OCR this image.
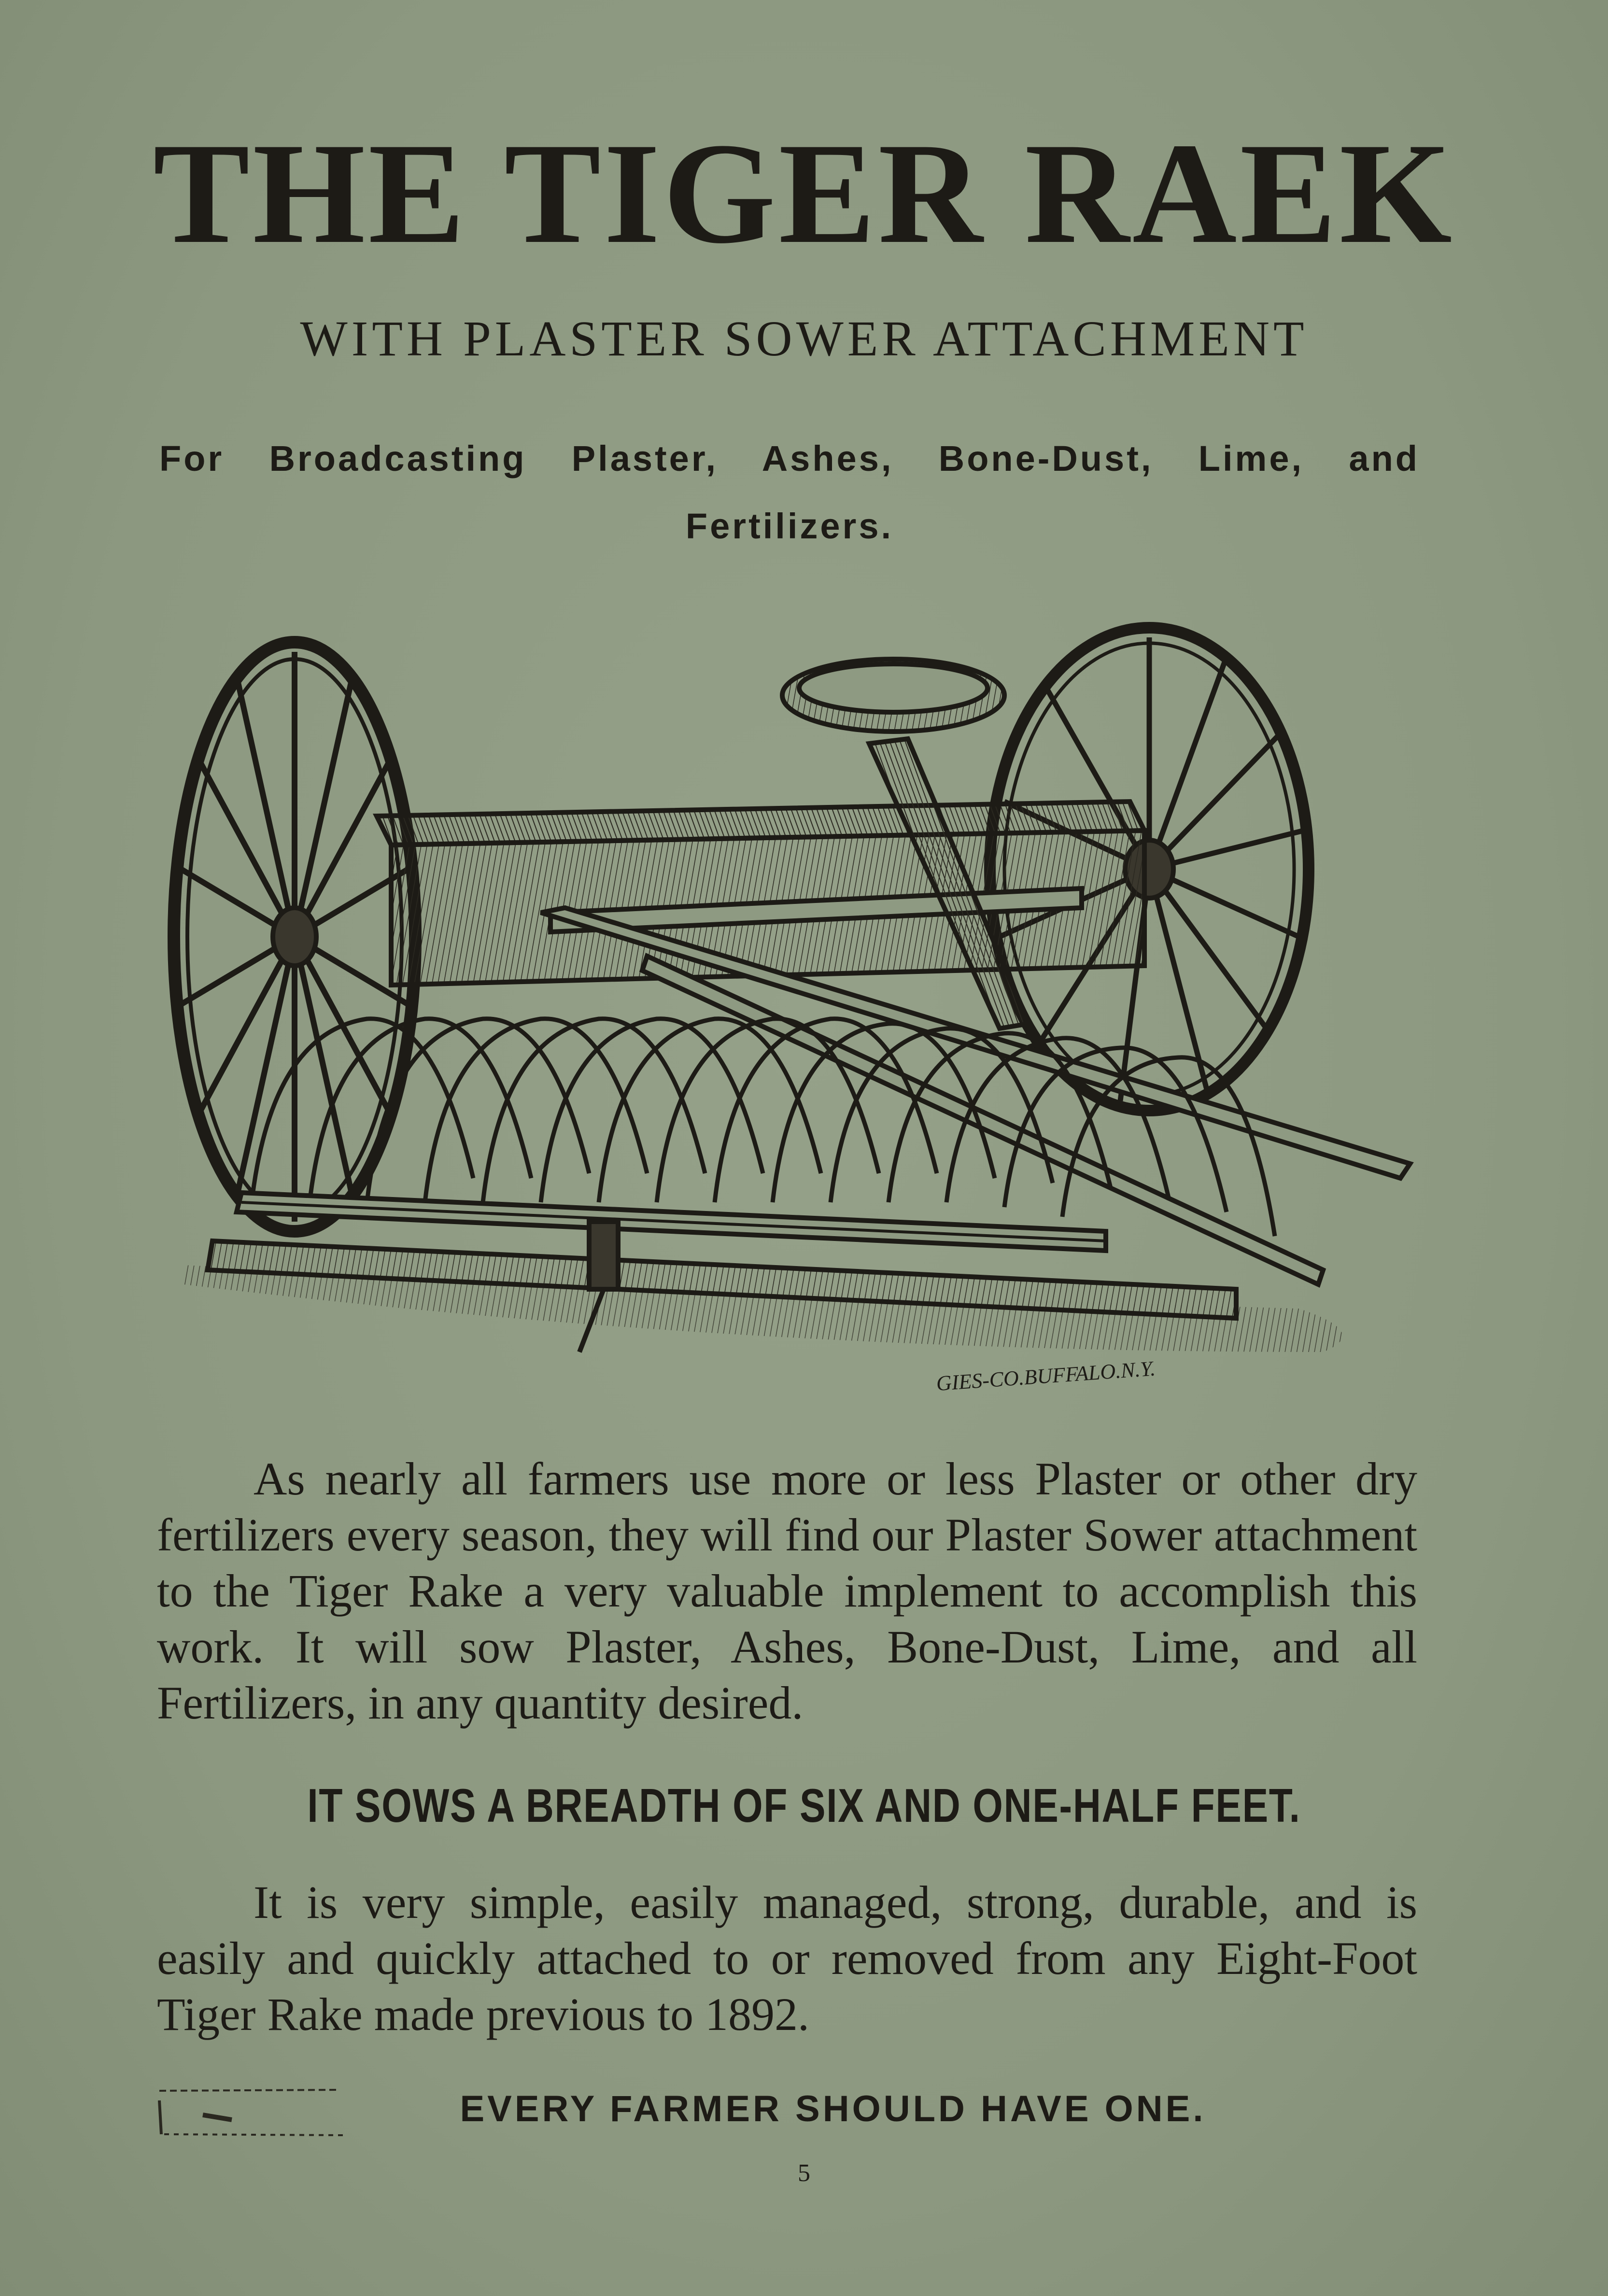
THE TIGER RAEK
WITH PLASTER SOWER ATTACHMENT
For Broadcasting Plaster, Ashes, Bone-Dust, Lime, and Fertilizers.
GIES-CO.BUFFALO.N.Y.
As nearly all farmers use more or less Plaster or other dry fertilizers every season, they will find our Plaster Sower attachment to the Tiger Rake a very valuable implement to accomplish this work. It will sow Plaster, Ashes, Bone-Dust, Lime, and all Fertilizers, in any quantity desired.
IT SOWS A BREADTH OF SIX AND ONE-HALF FEET.
It is very simple, easily managed, strong, durable, and is easily and quickly attached to or removed from any Eight-Foot Tiger Rake made previous to 1892.
EVERY FARMER SHOULD HAVE ONE.
5
